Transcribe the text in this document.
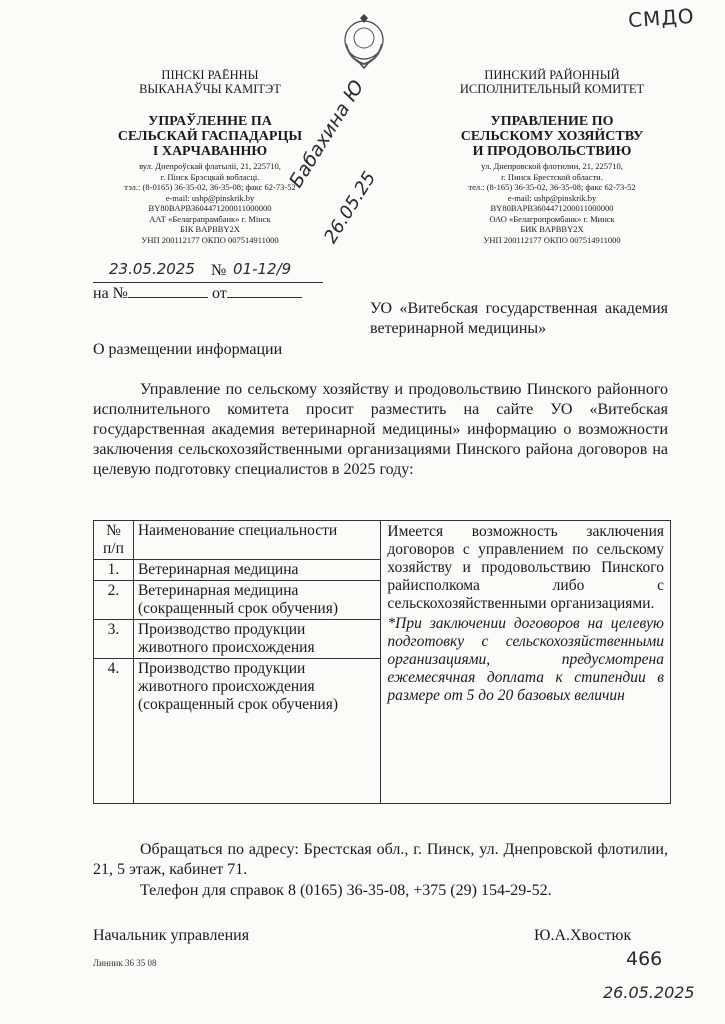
СМДО
ПІНСКІ РАЁННЫ
ВЫКАНАЎЧЫ КАМІТЭТ
УПРАЎЛЕННЕ ПА
СЕЛЬСКАЙ ГАСПАДАРЦЫ
І ХАРЧАВАННЮ
вул. Днепроўскай флатыліі, 21, 225710,
г. Пінск Брэсцкай вобласці.
тэл.: (8-0165) 36-35-02, 36-35-08; факс 62-73-52
e-mail: ushp@pinskrik.by
BY80BAPB3604471200011000000
ААТ «Белаграпрамбанк» г. Мінск
БІК BAPBBY2X
УНП 200112177 ОКПО 007514911000
ПИНСКИЙ РАЙОННЫЙ
ИСПОЛНИТЕЛЬНЫЙ КОМИТЕТ
УПРАВЛЕНИЕ ПО
СЕЛЬСКОМУ ХОЗЯЙСТВУ
И ПРОДОВОЛЬСТВИЮ
ул. Днепровской флотилии, 21, 225710,
г. Пинск Брестской области.
тел.: (8-165) 36-35-02, 36-35-08; факс 62-73-52
e-mail: ushp@pinskrik.by
BY80BAPB3604471200011000000
ОАО «Белагропромбанк» г. Минск
БИК BAPBBY2X
УНП 200112177 ОКПО 007514911000
Бабахина Ю
26.05.25
23.05.2025 № 01-12/9
на №	от
УО «Витебская государственная академия ветеринарной медицины»
О размещении информации
Управление по сельскому хозяйству и продовольствию Пинского районного исполнительного комитета просит разместить на сайте УО «Витебская государственная академия ветеринарной медицины» информацию о возможности заключения сельскохозяйственными организациями Пинского района договоров на целевую подготовку специалистов в 2025 году:
№ п/п	Наименование специальности	Имеется возможность заключения договоров с управлением по сельскому хозяйству и продовольствию Пинского райисполкома либо с сельскохозяйственными организациями.
*При заключении договоров на целевую подготовку с сельскохозяйственными организациями, предусмотрена ежемесячная доплата к стипендии в размере от 5 до 20 базовых величин

1.	Ветеринарная медицина	
2.	Ветеринарная медицина (сокращенный срок обучения)	
3.	Производство продукции животного происхождения	
4.	Производство продукции животного происхождения (сокращенный срок обучения)	
Обращаться по адресу: Брестская обл., г. Пинск, ул. Днепровской флотилии, 21, 5 этаж, кабинет 71.
Телефон для справок 8 (0165) 36-35-08, +375 (29) 154-29-52.
Начальник управления	Ю.А.Хвостюк
Линник 36 35 08	466
26.05.2025
